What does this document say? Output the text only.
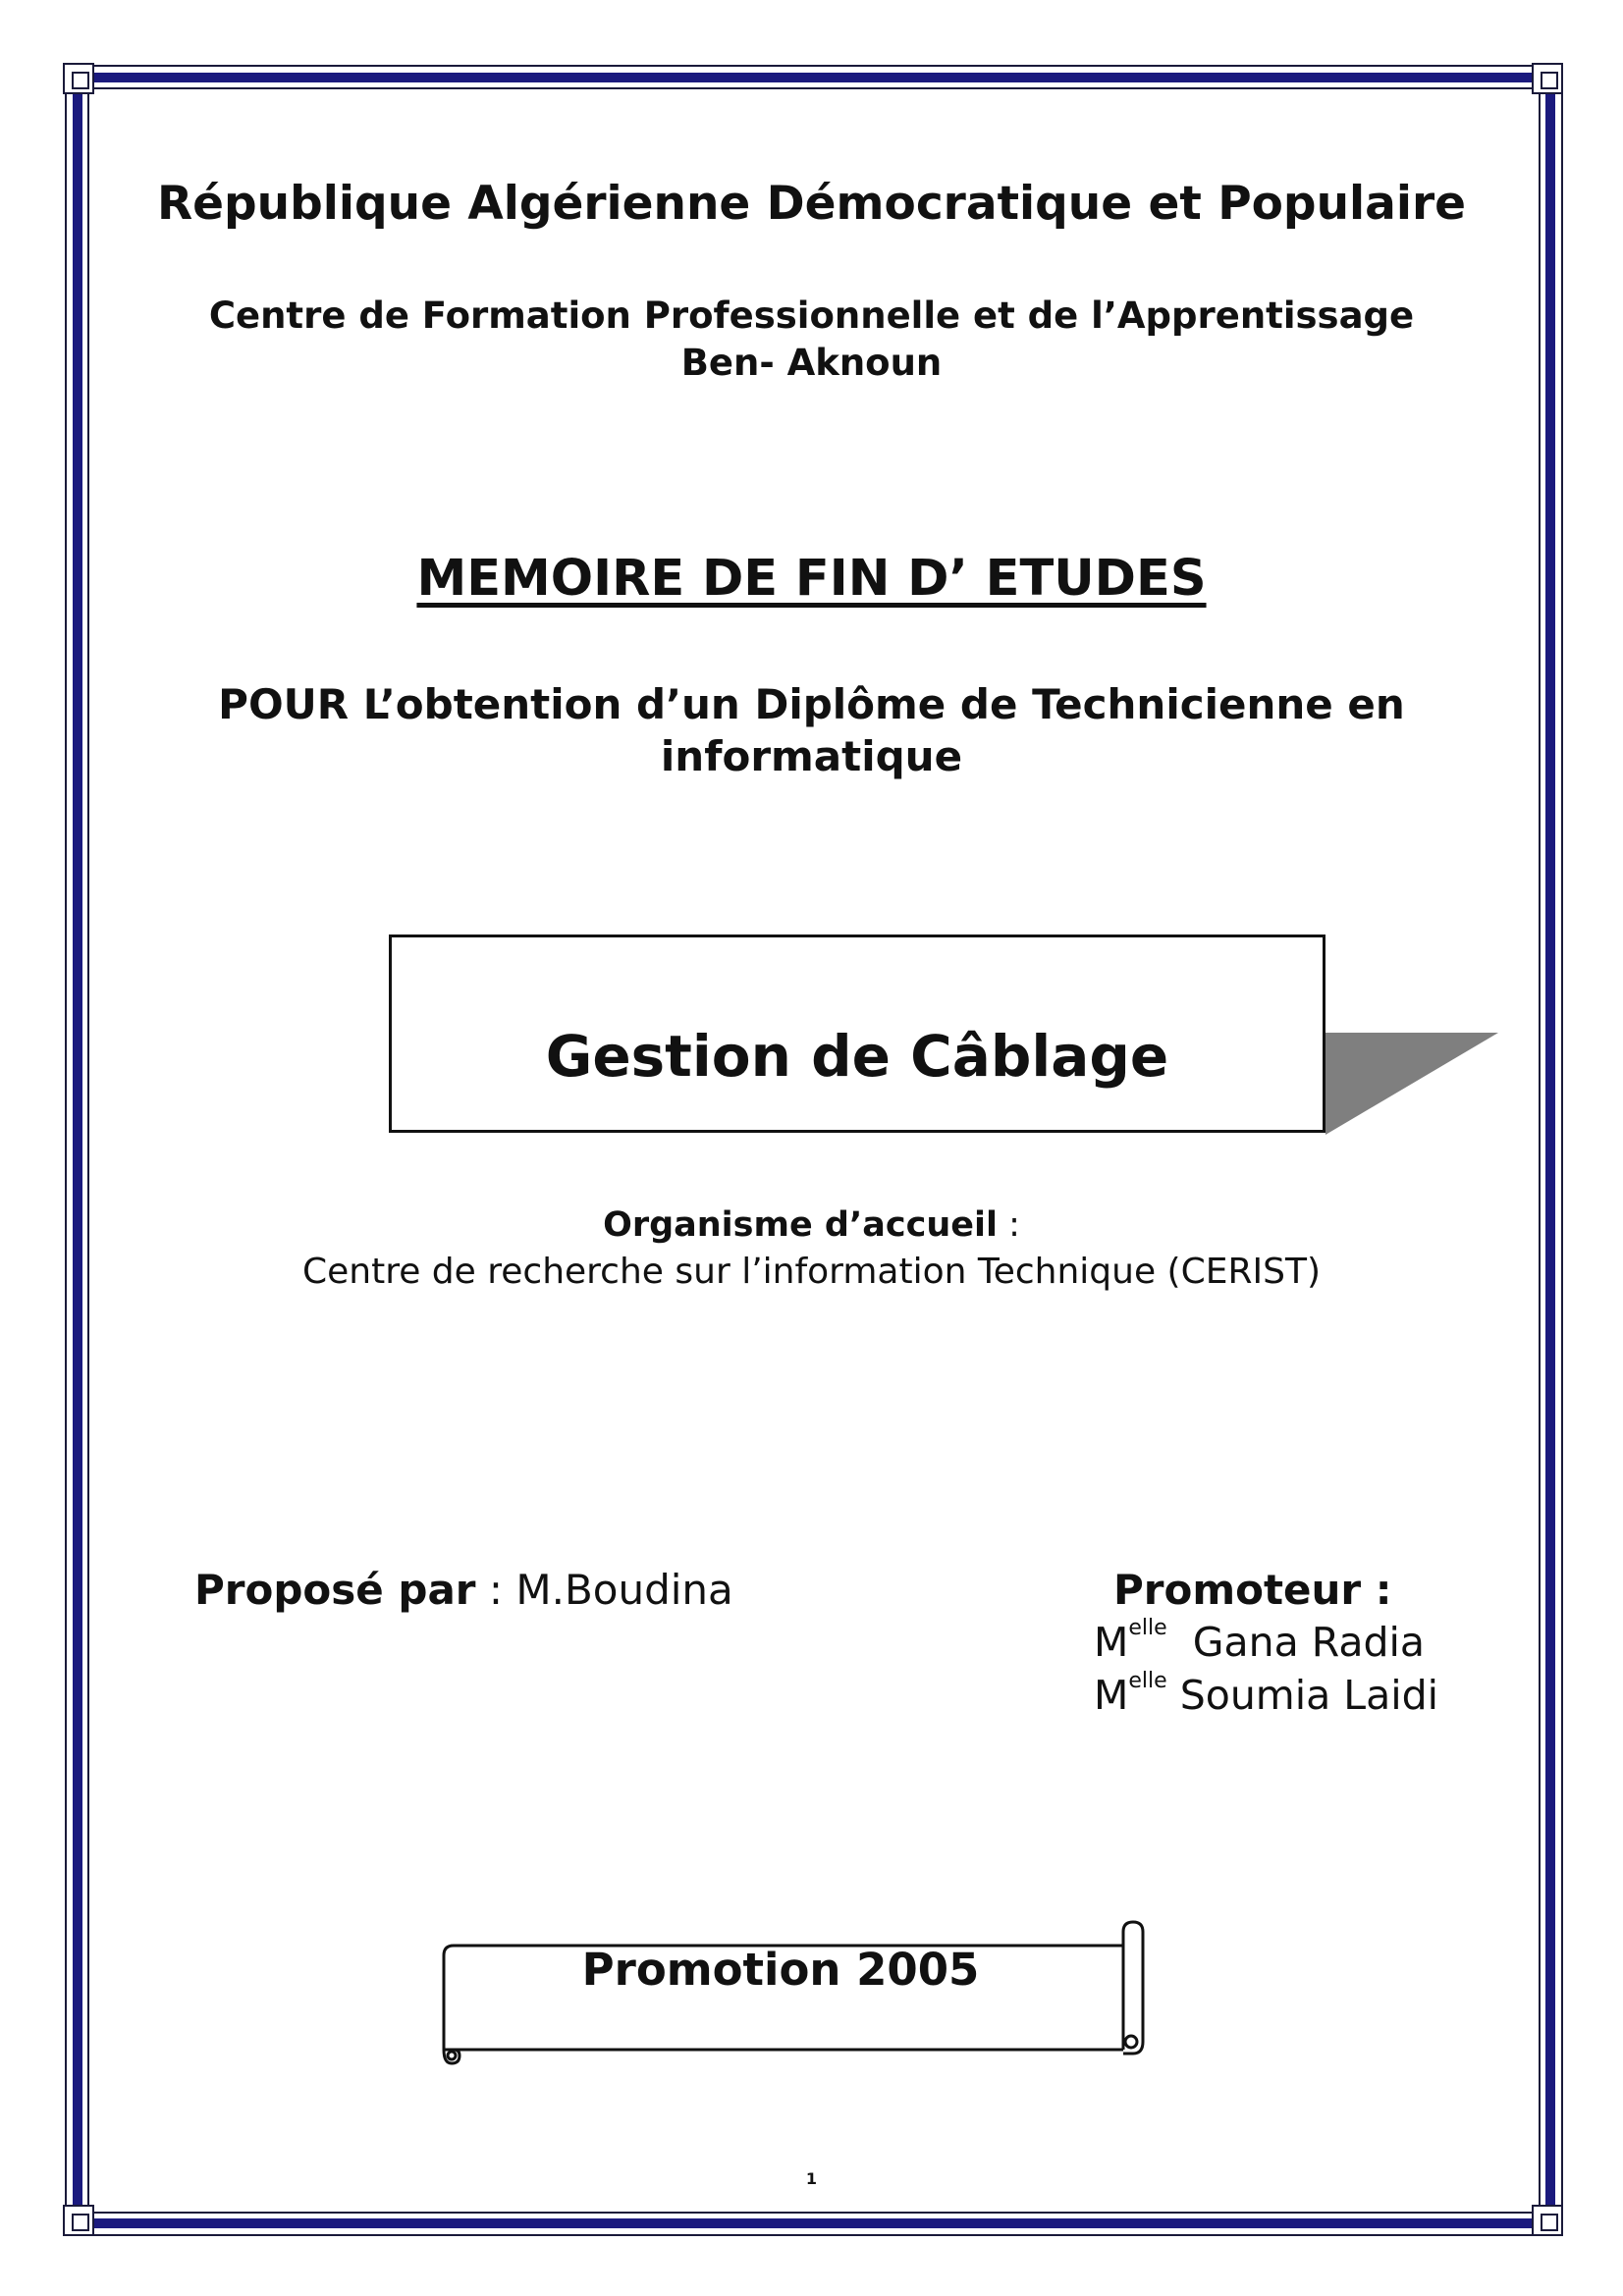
République Algérienne Démocratique et Populaire
Centre de Formation Professionnelle et de l’Apprentissage
Ben- Aknoun
MEMOIRE DE FIN D’ ETUDES
POUR L’obtention d’un Diplôme de Technicienne en
informatique
Gestion de Câblage
Organisme d’accueil :
Centre de recherche sur l’information Technique (CERIST)
Proposé par : M.Boudina	Promoteur :
$M^{elle}$  Gana Radia
$M^{elle}$ Soumia Laidi
Promotion 2005
1
